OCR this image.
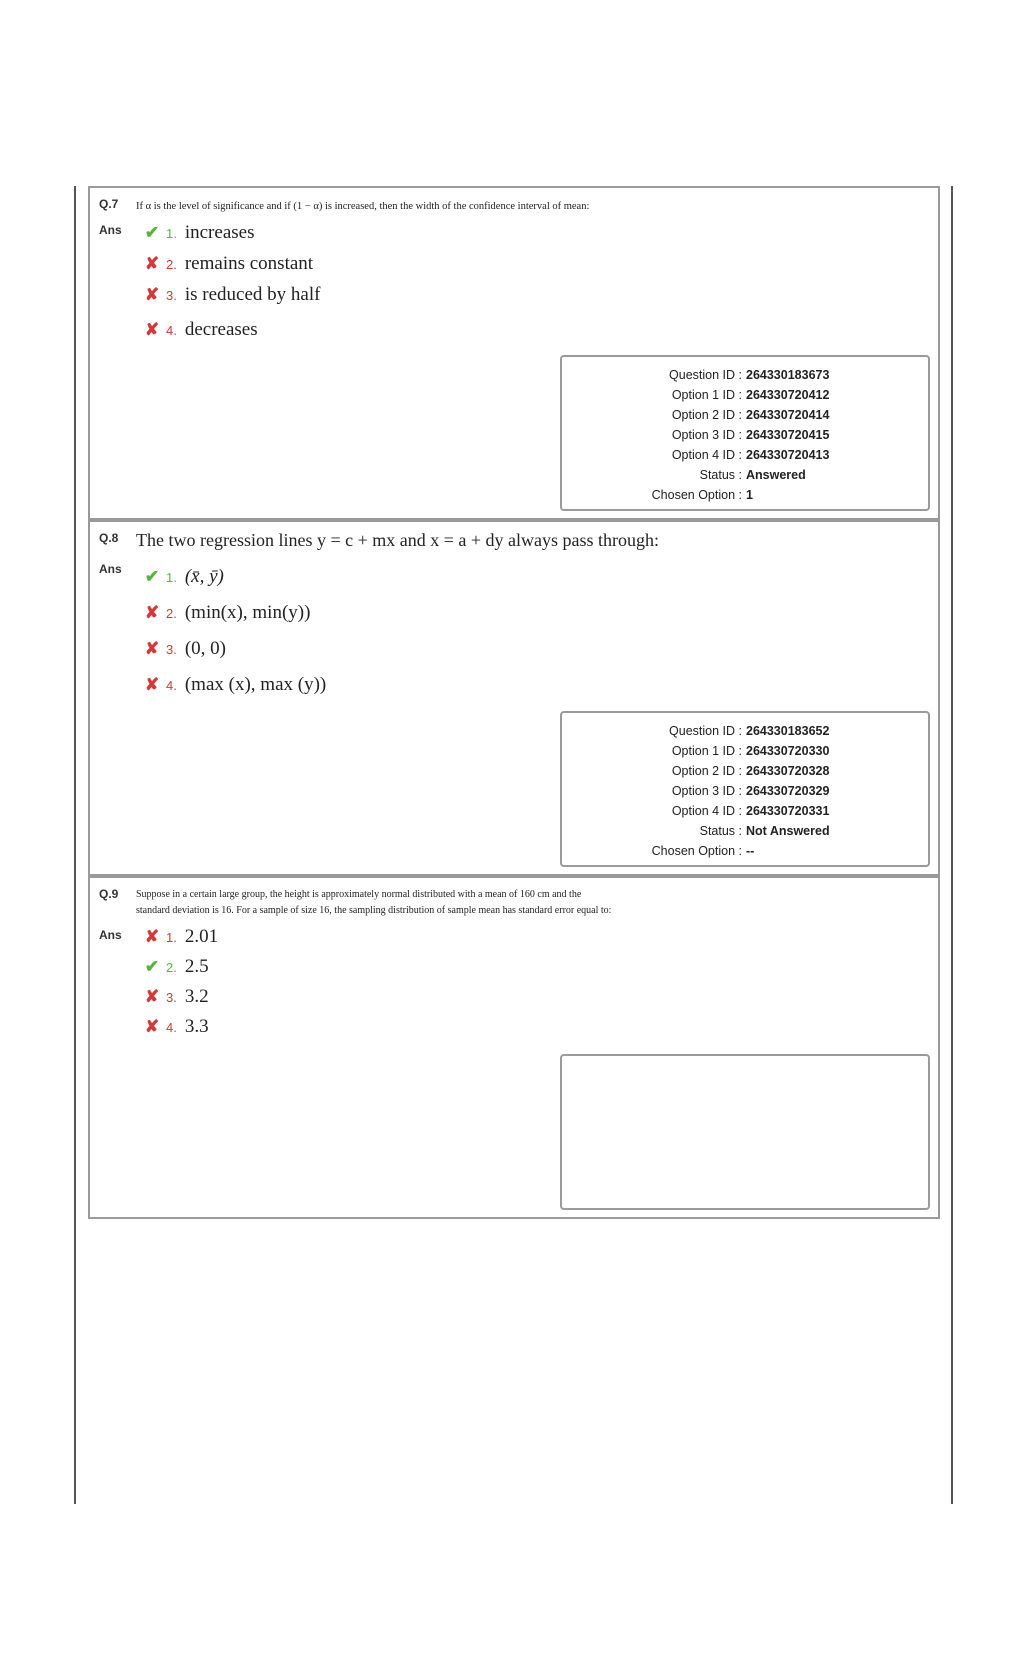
Q.7 If α is the level of significance and if (1 − α) is increased, then the width of the confidence interval of mean:
Ans ✔ 1. increases
✘ 2. remains constant
✘ 3. is reduced by half
✘ 4. decreases
Question ID : 264330183673
Option 1 ID : 264330720412
Option 2 ID : 264330720414
Option 3 ID : 264330720415
Option 4 ID : 264330720413
Status : Answered
Chosen Option : 1
Q.8 The two regression lines y = c + mx and x = a + dy always pass through:
Ans ✔ 1. (x̄, ȳ)
✘ 2. (min(x), min(y))
✘ 3. (0, 0)
✘ 4. (max (x), max (y))
Question ID : 264330183652
Option 1 ID : 264330720330
Option 2 ID : 264330720328
Option 3 ID : 264330720329
Option 4 ID : 264330720331
Status : Not Answered
Chosen Option : --
Q.9 Suppose in a certain large group, the height is approximately normal distributed with a mean of 160 cm and the
standard deviation is 16. For a sample of size 16, the sampling distribution of sample mean has standard error equal to:
Ans ✘ 1. 2.01
✔ 2. 2.5
✘ 3. 3.2
✘ 4. 3.3
